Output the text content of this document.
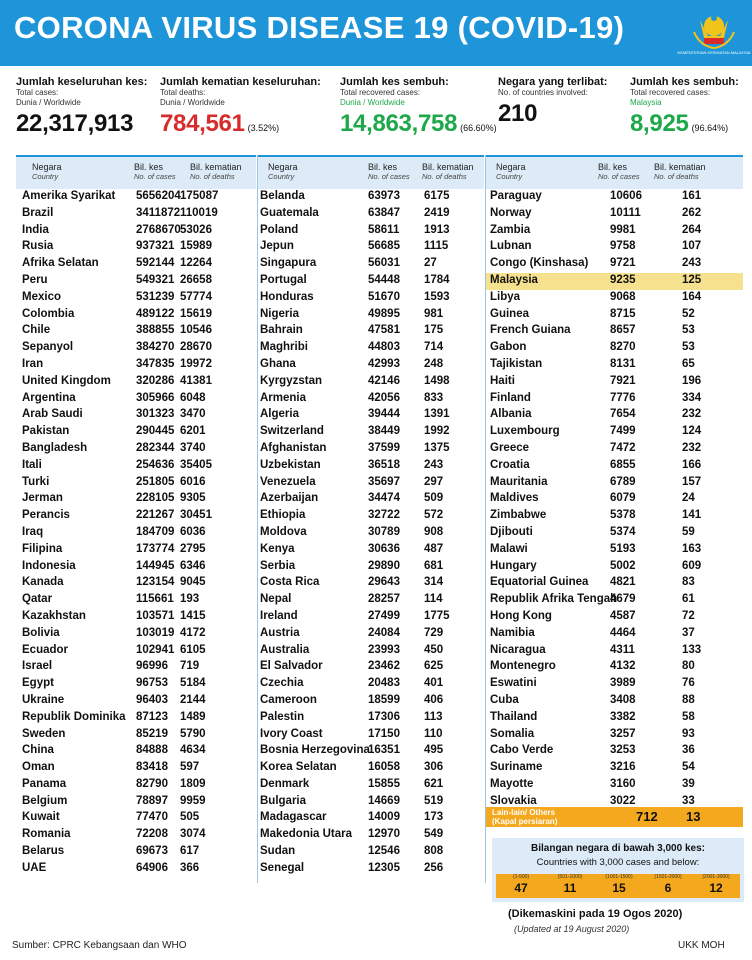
CORONA VIRUS DISEASE 19 (COVID-19)
KEMENTERIAN KESIHATAN MALAYSIA
Jumlah keseluruhan kes:
Total cases:
Dunia / Worldwide
22,317,913
Jumlah kematian keseluruhan:
Total deaths:
Dunia / Worldwide
784,561 (3.52%)
Jumlah kes sembuh:
Total recovered cases:
Dunia / Worldwide
14,863,758 (66.60%)
Negara yang terlibat:
No. of countries involved:
210
Jumlah kes sembuh:
Total recovered cases:
Malaysia
8,925 (96.64%)
Negara
Country
Bil. kes
No. of cases
Bil. kematian
No. of deaths
Amerika Syarikat 5656204 175087
Brazil	3411872 110019
India	2768670 53026
Rusia	937321 15989
Afrika Selatan	592144 12264
Peru	549321 26658
Mexico	531239 57774
Colombia	489122 15619
Chile	388855 10546
Sepanyol	384270 28670
Iran	347835 19972
United Kingdom 320286 41381
Argentina	305966 6048
Arab Saudi	301323 3470
Pakistan	290445 6201
Bangladesh	282344 3740
Itali	254636 35405
Turki	251805 6016
Jerman	228105 9305
Perancis	221267 30451
Iraq	184709 6036
Filipina	173774 2795
Indonesia	144945 6346
Kanada	123154 9045
Qatar	115661 193
Kazakhstan	103571 1415
Bolivia	103019 4172
Ecuador	102941 6105
Israel	96996 719
Egypt	96753 5184
Ukraine	96403 2144
Republik Dominika 87123 1489
Sweden	85219 5790
China	84888 4634
Oman	83418 597
Panama	82790 1809
Belgium	78897 9959
Kuwait	77470 505
Romania	72208 3074
Belarus	69673 617
UAE	64906 366
Negara
Country
Bil. kes
No. of cases
Bil. kematian
No. of deaths
Belanda	63973 6175
Guatemala	63847 2419
Poland	58611 1913
Jepun	56685 1115
Singapura	56031 27
Portugal	54448 1784
Honduras	51670 1593
Nigeria	49895 981
Bahrain	47581 175
Maghribi	44803 714
Ghana	42993 248
Kyrgyzstan	42146 1498
Armenia	42056 833
Algeria	39444 1391
Switzerland	38449 1992
Afghanistan	37599 1375
Uzbekistan	36518 243
Venezuela	35697 297
Azerbaijan	34474 509
Ethiopia	32722 572
Moldova	30789 908
Kenya	30636 487
Serbia	29890 681
Costa Rica	29643 314
Nepal	28257 114
Ireland	27499 1775
Austria	24084 729
Australia	23993 450
El Salvador	23462 625
Czechia	20483 401
Cameroon	18599 406
Palestin	17306 113
Ivory Coast	17150 110
Bosnia Herzegovina
16351 495
Korea Selatan	16058 306
Denmark	15855 621
Bulgaria	14669 519
Madagascar	14009 173
Makedonia Utara 12970 549
Sudan	12546 808
Senegal	12305 256
Negara
Country
Bil. kes
No. of cases
Bil. kematian
No. of deaths
Paraguay	10606	161
Norway	10111	262
Zambia	9981	264
Lubnan	9758	107
Congo (Kinshasa) 9721	243
Malaysia	9235	125
Libya	9068	164
Guinea	8715	52
French Guiana	8657	53
Gabon	8270	53
Tajikistan	8131	65
Haiti	7921	196
Finland	7776	334
Albania	7654	232
Luxembourg	7499	124
Greece	7472	232
Croatia	6855	166
Mauritania	6789	157
Maldives	6079	24
Zimbabwe	5378	141
Djibouti	5374	59
Malawi	5193	163
Hungary	5002	609
Equatorial Guinea 4821	83
Republik Afrika Tengah
4679	61
Hong Kong	4587	72
Namibia	4464	37
Nicaragua	4311	133
Montenegro	4132	80
Eswatini	3989	76
Cuba	3408	88
Thailand	3382	58
Somalia	3257	93
Cabo Verde	3253	36
Suriname	3216	54
Mayotte	3160	39
Slovakia	3022	33
Lain-lain/ Others
(Kapal persiaran)	712 13
Bilangan negara di bawah 3,000 kes:
Countries with 3,000 cases and below:
(1-500)
47
(501-1000)
11
(1001-1500)
15
(1501-2000)
6
(2001-3000)
12
(Dikemaskini pada 19 Ogos 2020)
(Updated at 19 August 2020)
Sumber: CPRC Kebangsaan dan WHO	UKK MOH
